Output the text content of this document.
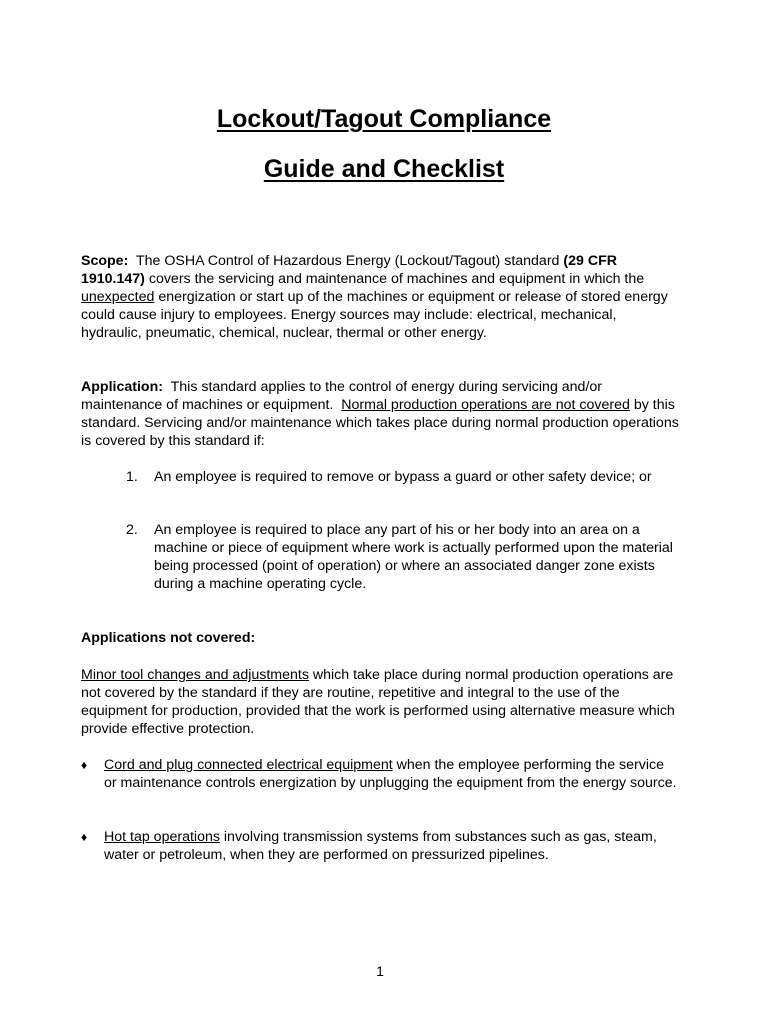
Lockout/Tagout Compliance
Guide and Checklist

Scope: The OSHA Control of Hazardous Energy (Lockout/Tagout) standard (29 CFR 1910.147) covers the servicing and maintenance of machines and equipment in which the unexpected energization or start up of the machines or equipment or release of stored energy could cause injury to employees. Energy sources may include: electrical, mechanical, hydraulic, pneumatic, chemical, nuclear, thermal or other energy.

Application: This standard applies to the control of energy during servicing and/or maintenance of machines or equipment. Normal production operations are not covered by this standard. Servicing and/or maintenance which takes place during normal production operations is covered by this standard if:

1. An employee is required to remove or bypass a guard or other safety device; or
2. An employee is required to place any part of his or her body into an area on a machine or piece of equipment where work is actually performed upon the material being processed (point of operation) or where an associated danger zone exists during a machine operating cycle.

Applications not covered:

Minor tool changes and adjustments which take place during normal production operations are not covered by the standard if they are routine, repetitive and integral to the use of the equipment for production, provided that the work is performed using alternative measure which provide effective protection.

♦ Cord and plug connected electrical equipment when the employee performing the service or maintenance controls energization by unplugging the equipment from the energy source.
♦ Hot tap operations involving transmission systems from substances such as gas, steam, water or petroleum, when they are performed on pressurized pipelines.
1
